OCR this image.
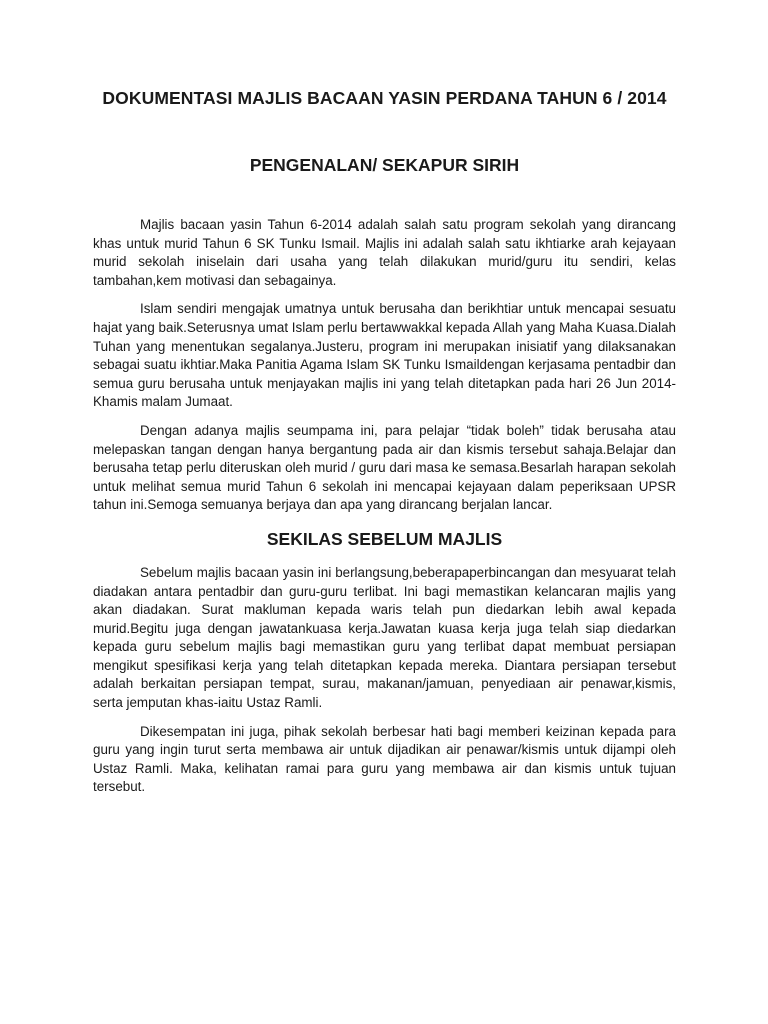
DOKUMENTASI MAJLIS BACAAN YASIN PERDANA TAHUN 6 / 2014
PENGENALAN/ SEKAPUR SIRIH

Majlis bacaan yasin Tahun 6-2014 adalah salah satu program sekolah yang dirancang khas untuk murid Tahun 6 SK Tunku Ismail. Majlis ini adalah salah satu ikhtiarke arah kejayaan murid sekolah iniselain dari usaha yang telah dilakukan murid/guru itu sendiri, kelas tambahan,kem motivasi dan sebagainya.

Islam sendiri mengajak umatnya untuk berusaha dan berikhtiar untuk mencapai sesuatu hajat yang baik.Seterusnya umat Islam perlu bertawwakkal kepada Allah yang Maha Kuasa.Dialah Tuhan yang menentukan segalanya.Justeru, program ini merupakan inisiatif yang dilaksanakan sebagai suatu ikhtiar.Maka Panitia Agama Islam SK Tunku Ismaildengan kerjasama pentadbir dan semua guru berusaha untuk menjayakan majlis ini yang telah ditetapkan pada hari 26 Jun 2014- Khamis malam Jumaat.

Dengan adanya majlis seumpama ini, para pelajar “tidak boleh” tidak berusaha atau melepaskan tangan dengan hanya bergantung pada air dan kismis tersebut sahaja.Belajar dan berusaha tetap perlu diteruskan oleh murid / guru dari masa ke semasa.Besarlah harapan sekolah untuk melihat semua murid Tahun 6 sekolah ini mencapai kejayaan dalam peperiksaan UPSR tahun ini.Semoga semuanya berjaya dan apa yang dirancang berjalan lancar.

SEKILAS SEBELUM MAJLIS

Sebelum majlis bacaan yasin ini berlangsung,beberapaperbincangan dan mesyuarat telah diadakan antara pentadbir dan guru-guru terlibat. Ini bagi memastikan kelancaran majlis yang akan diadakan. Surat makluman kepada waris telah pun diedarkan lebih awal kepada murid.Begitu juga dengan jawatankuasa kerja.Jawatan kuasa kerja juga telah siap diedarkan kepada guru sebelum majlis bagi memastikan guru yang terlibat dapat membuat persiapan mengikut spesifikasi kerja yang telah ditetapkan kepada mereka. Diantara persiapan tersebut adalah berkaitan persiapan tempat, surau, makanan/jamuan, penyediaan air penawar,kismis, serta jemputan khas-iaitu Ustaz Ramli.

Dikesempatan ini juga, pihak sekolah berbesar hati bagi memberi keizinan kepada para guru yang ingin turut serta membawa air untuk dijadikan air penawar/kismis untuk dijampi oleh Ustaz Ramli. Maka, kelihatan ramai para guru yang membawa air dan kismis untuk tujuan tersebut.
